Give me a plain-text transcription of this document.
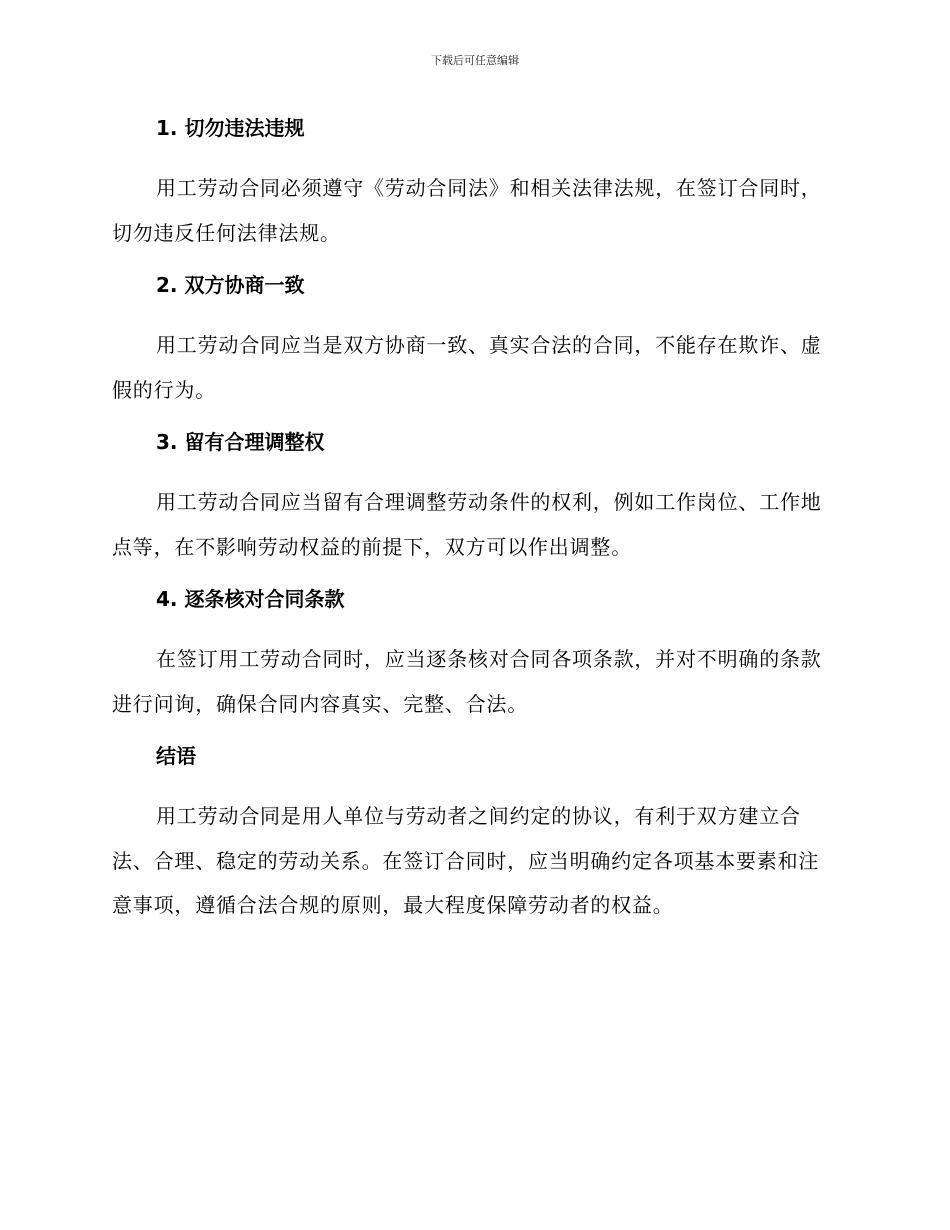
下载后可任意编辑
1. 切勿违法违规

用工劳动合同必须遵守《劳动合同法》和相关法律法规，在签订合同时，切勿违反任何法律法规。

2. 双方协商一致

用工劳动合同应当是双方协商一致、真实合法的合同，不能存在欺诈、虚假的行为。

3. 留有合理调整权

用工劳动合同应当留有合理调整劳动条件的权利，例如工作岗位、工作地点等，在不影响劳动权益的前提下，双方可以作出调整。

4. 逐条核对合同条款

在签订用工劳动合同时，应当逐条核对合同各项条款，并对不明确的条款进行问询，确保合同内容真实、完整、合法。

结语

用工劳动合同是用人单位与劳动者之间约定的协议，有利于双方建立合法、合理、稳定的劳动关系。在签订合同时，应当明确约定各项基本要素和注意事项，遵循合法合规的原则，最大程度保障劳动者的权益。
